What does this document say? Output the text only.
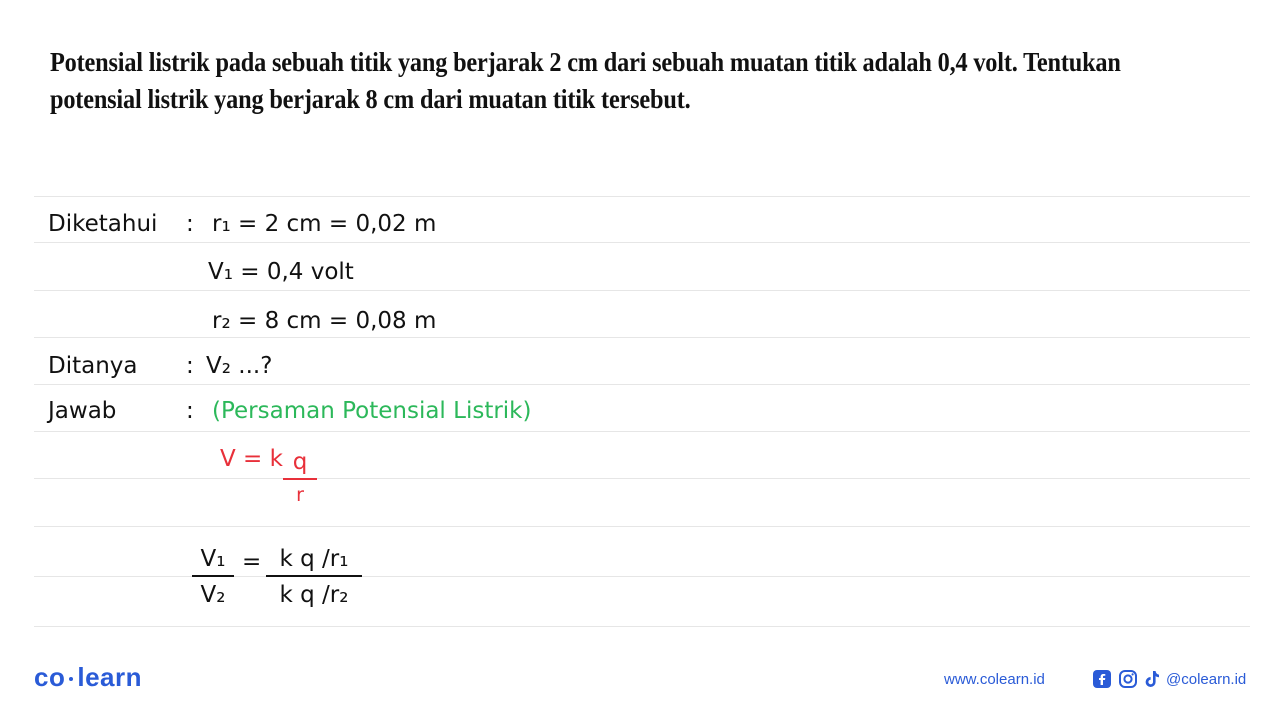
Potensial listrik pada sebuah titik yang berjarak 2 cm dari sebuah muatan titik adalah 0,4 volt. Tentukan potensial listrik yang berjarak 8 cm dari muatan titik tersebut.
Diketahui : r₁ = 2 cm = 0,02 m
V₁ = 0,4 volt
r₂ = 8 cm = 0,08 m
Ditanya : V₂ ...?
Jawab	: (Persaman Potensial Listrik)
V = k q
r
V₁
V₂
= k q /r₁
k q /r₂
co learn	www.colearn.id	@colearn.id
